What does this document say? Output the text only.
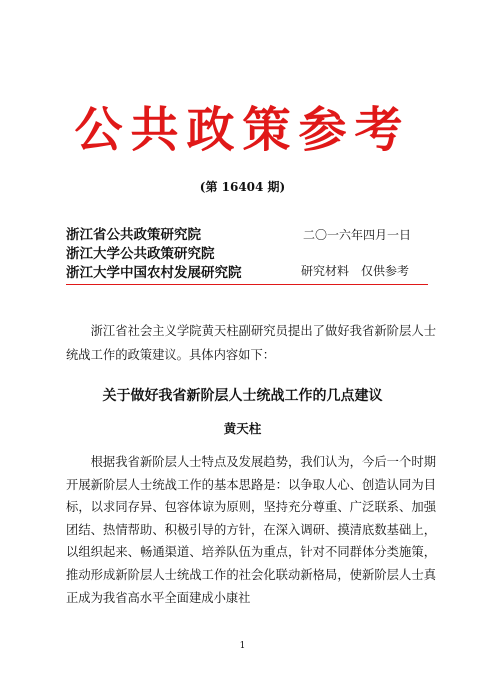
公共政策参考
(第 16404 期)
浙江省公共政策研究院
浙江大学公共政策研究院
浙江大学中国农村发展研究院
二〇一六年四月一日
研究材料 仅供参考
浙江省社会主义学院黄天柱副研究员提出了做好我省新阶层人士统战工作的政策建议。具体内容如下：
关于做好我省新阶层人士统战工作的几点建议
黄天柱
根据我省新阶层人士特点及发展趋势，我们认为，今后一个时期开展新阶层人士统战工作的基本思路是：以争取人心、创造认同为目标，以求同存异、包容体谅为原则，坚持充分尊重、广泛联系、加强团结、热情帮助、积极引导的方针，在深入调研、摸清底数基础上，以组织起来、畅通渠道、培养队伍为重点，针对不同群体分类施策，推动形成新阶层人士统战工作的社会化联动新格局，使新阶层人士真正成为我省高水平全面建成小康社
1
